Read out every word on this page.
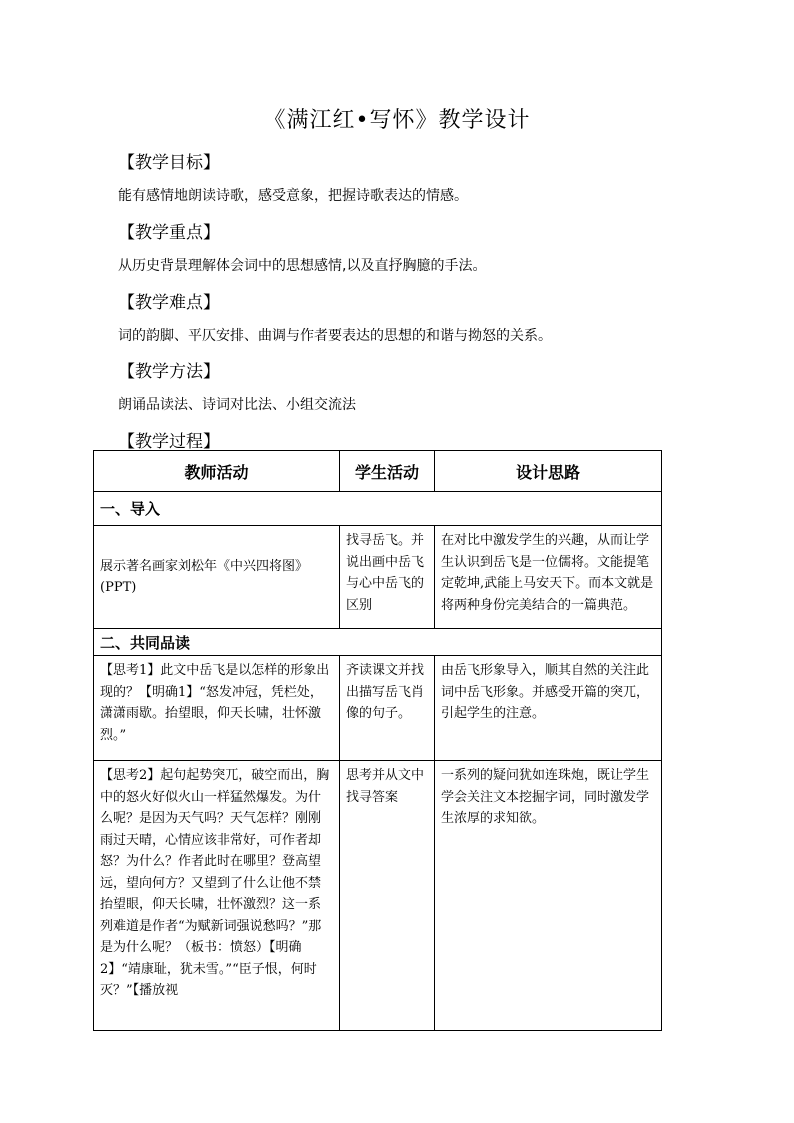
《满江红•写怀》教学设计
【教学目标】
能有感情地朗读诗歌，感受意象，把握诗歌表达的情感。
【教学重点】
从历史背景理解体会词中的思想感情,以及直抒胸臆的手法。
【教学难点】
词的韵脚、平仄安排、曲调与作者要表达的思想的和谐与拗怒的关系。
【教学方法】
朗诵品读法、诗词对比法、小组交流法
【教学过程】
教师活动	学生活动	设计思路
一、导入		
展示著名画家刘松年《中兴四将图》(PPT)	找寻岳飞。并说出画中岳飞与心中岳飞的区别	在对比中激发学生的兴趣，从而让学生认识到岳飞是一位儒将。文能提笔定乾坤,武能上马安天下。而本文就是将两种身份完美结合的一篇典范。
二、共同品读		
【思考1】此文中岳飞是以怎样的形象出现的？【明确1】“怒发冲冠，凭栏处，潇潇雨歇。抬望眼，仰天长啸，壮怀激烈。”	齐读课文并找出描写岳飞肖像的句子。	由岳飞形象导入，顺其自然的关注此词中岳飞形象。并感受开篇的突兀，引起学生的注意。
【思考2】起句起势突兀，破空而出，胸中的怒火好似火山一样猛然爆发。为什么呢？是因为天气吗？天气怎样？刚刚雨过天晴，心情应该非常好，可作者却怒？为什么？作者此时在哪里？登高望远，望向何方？又望到了什么让他不禁抬望眼，仰天长啸，壮怀激烈？这一系列难道是作者“为赋新词强说愁吗？”那是为什么呢？（板书：愤怒）【明确2】“靖康耻，犹未雪。”“臣子恨，何时灭？”【播放视	思考并从文中找寻答案	一系列的疑问犹如连珠炮，既让学生学会关注文本挖掘字词，同时激发学生浓厚的求知欲。
